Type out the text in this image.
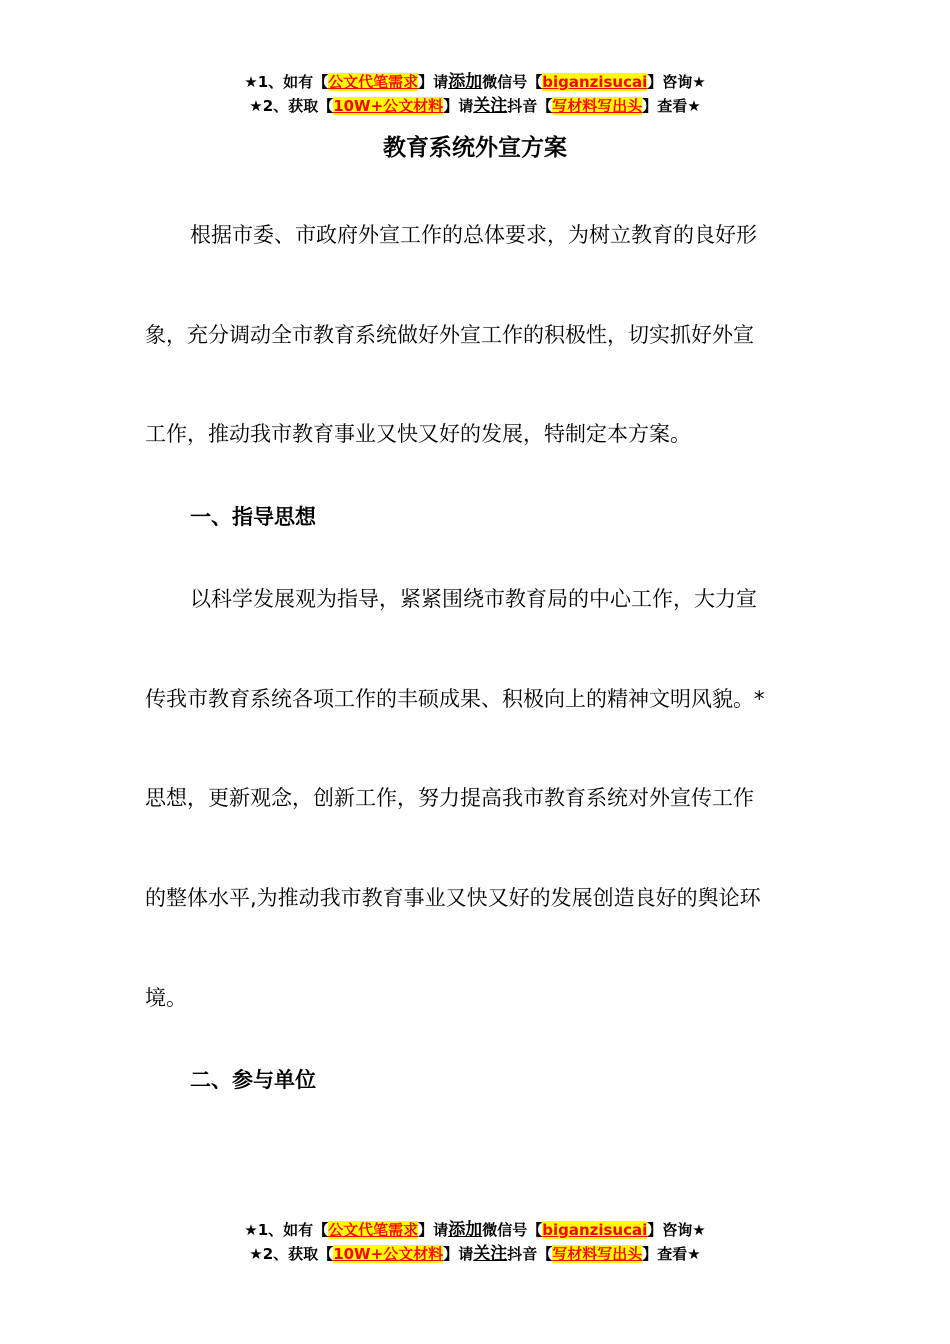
★1、如有【公文代笔需求】请添加微信号【biganzisucai】咨询★
★2、获取【10W+公文材料】请关注抖音【写材料写出头】查看★
教育系统外宣方案
根据市委、市政府外宣工作的总体要求，为树立教育的良好形
象，充分调动全市教育系统做好外宣工作的积极性，切实抓好外宣
工作，推动我市教育事业又快又好的发展，特制定本方案。
一、指导思想
以科学发展观为指导，紧紧围绕市教育局的中心工作，大力宣
传我市教育系统各项工作的丰硕成果、积极向上的精神文明风貌。*
思想，更新观念，创新工作，努力提高我市教育系统对外宣传工作
的整体水平,为推动我市教育事业又快又好的发展创造良好的舆论环
境。
二、参与单位
★1、如有【公文代笔需求】请添加微信号【biganzisucai】咨询★
★2、获取【10W+公文材料】请关注抖音【写材料写出头】查看★
